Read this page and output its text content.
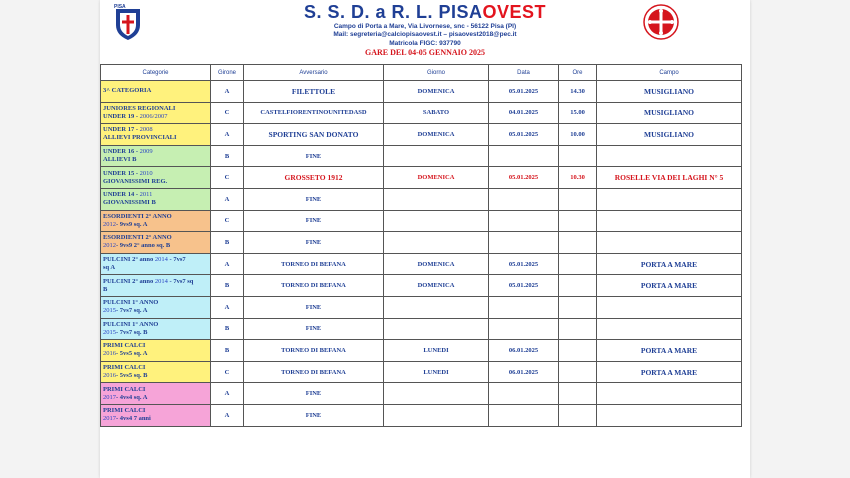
PISA	S. S. D. a R. L. PISAOVEST
Campo di Porta a Mare, Via Livornese, snc - 56122 Pisa (PI)
Mail: segreteria@calciopisaovest.it – pisaovest2018@pec.it
Matricola FIGC: 937790
GARE DEL 04-05 GENNAIO 2025
Categorie	Girone	Avversario	Giorno	Data	Ore	Campo

3^ CATEGORIA	A	FILETTOLE	DOMENICA	05.01.2025	14.30	MUSIGLIANO

JUNIORES REGIONALI
UNDER 19 - 2006/2007	C	CASTELFIORENTINOUNITEDASD	SABATO	04.01.2025	15.00	MUSIGLIANO

UNDER 17 - 2008
ALLIEVI PROVINCIALI	A	SPORTING SAN DONATO	DOMENICA	05.01.2025	10.00	MUSIGLIANO

UNDER 16 - 2009
ALLIEVI B	B	FINE				

UNDER 15 - 2010
GIOVANISSIMI REG.	C	GROSSETO 1912	DOMENICA	05.01.2025	10.30	ROSELLE VIA DEI LAGHI N° 5

UNDER 14 - 2011
GIOVANISSIMI B	A	FINE				

ESORDIENTI 2° ANNO
2012- 9vs9 sq. A	C	FINE				

ESORDIENTI 2° ANNO
2012- 9vs9 2° anno sq. B	B	FINE				

PULCINI 2° anno 2014 - 7vs7
sq A	A	TORNEO DI BEFANA	DOMENICA	05.01.2025		PORTA A MARE

PULCINI 2° anno 2014 - 7vs7 sq
B	B	TORNEO DI BEFANA	DOMENICA	05.01.2025		PORTA A MARE

PULCINI 1° ANNO
2015- 7vs7 sq. A	A	FINE				

PULCINI 1° ANNO
2015- 7vs7 sq. B	B	FINE				

PRIMI CALCI
2016- 5vs5 sq. A	B	TORNEO DI BEFANA	LUNEDI	06.01.2025		PORTA A MARE

PRIMI CALCI
2016- 5vs5 sq. B	C	TORNEO DI BEFANA	LUNEDI	06.01.2025		PORTA A MARE

PRIMI CALCI
2017- 4vs4 sq. A	A	FINE				

PRIMI CALCI
2017- 4vs4 7 anni	A	FINE				
